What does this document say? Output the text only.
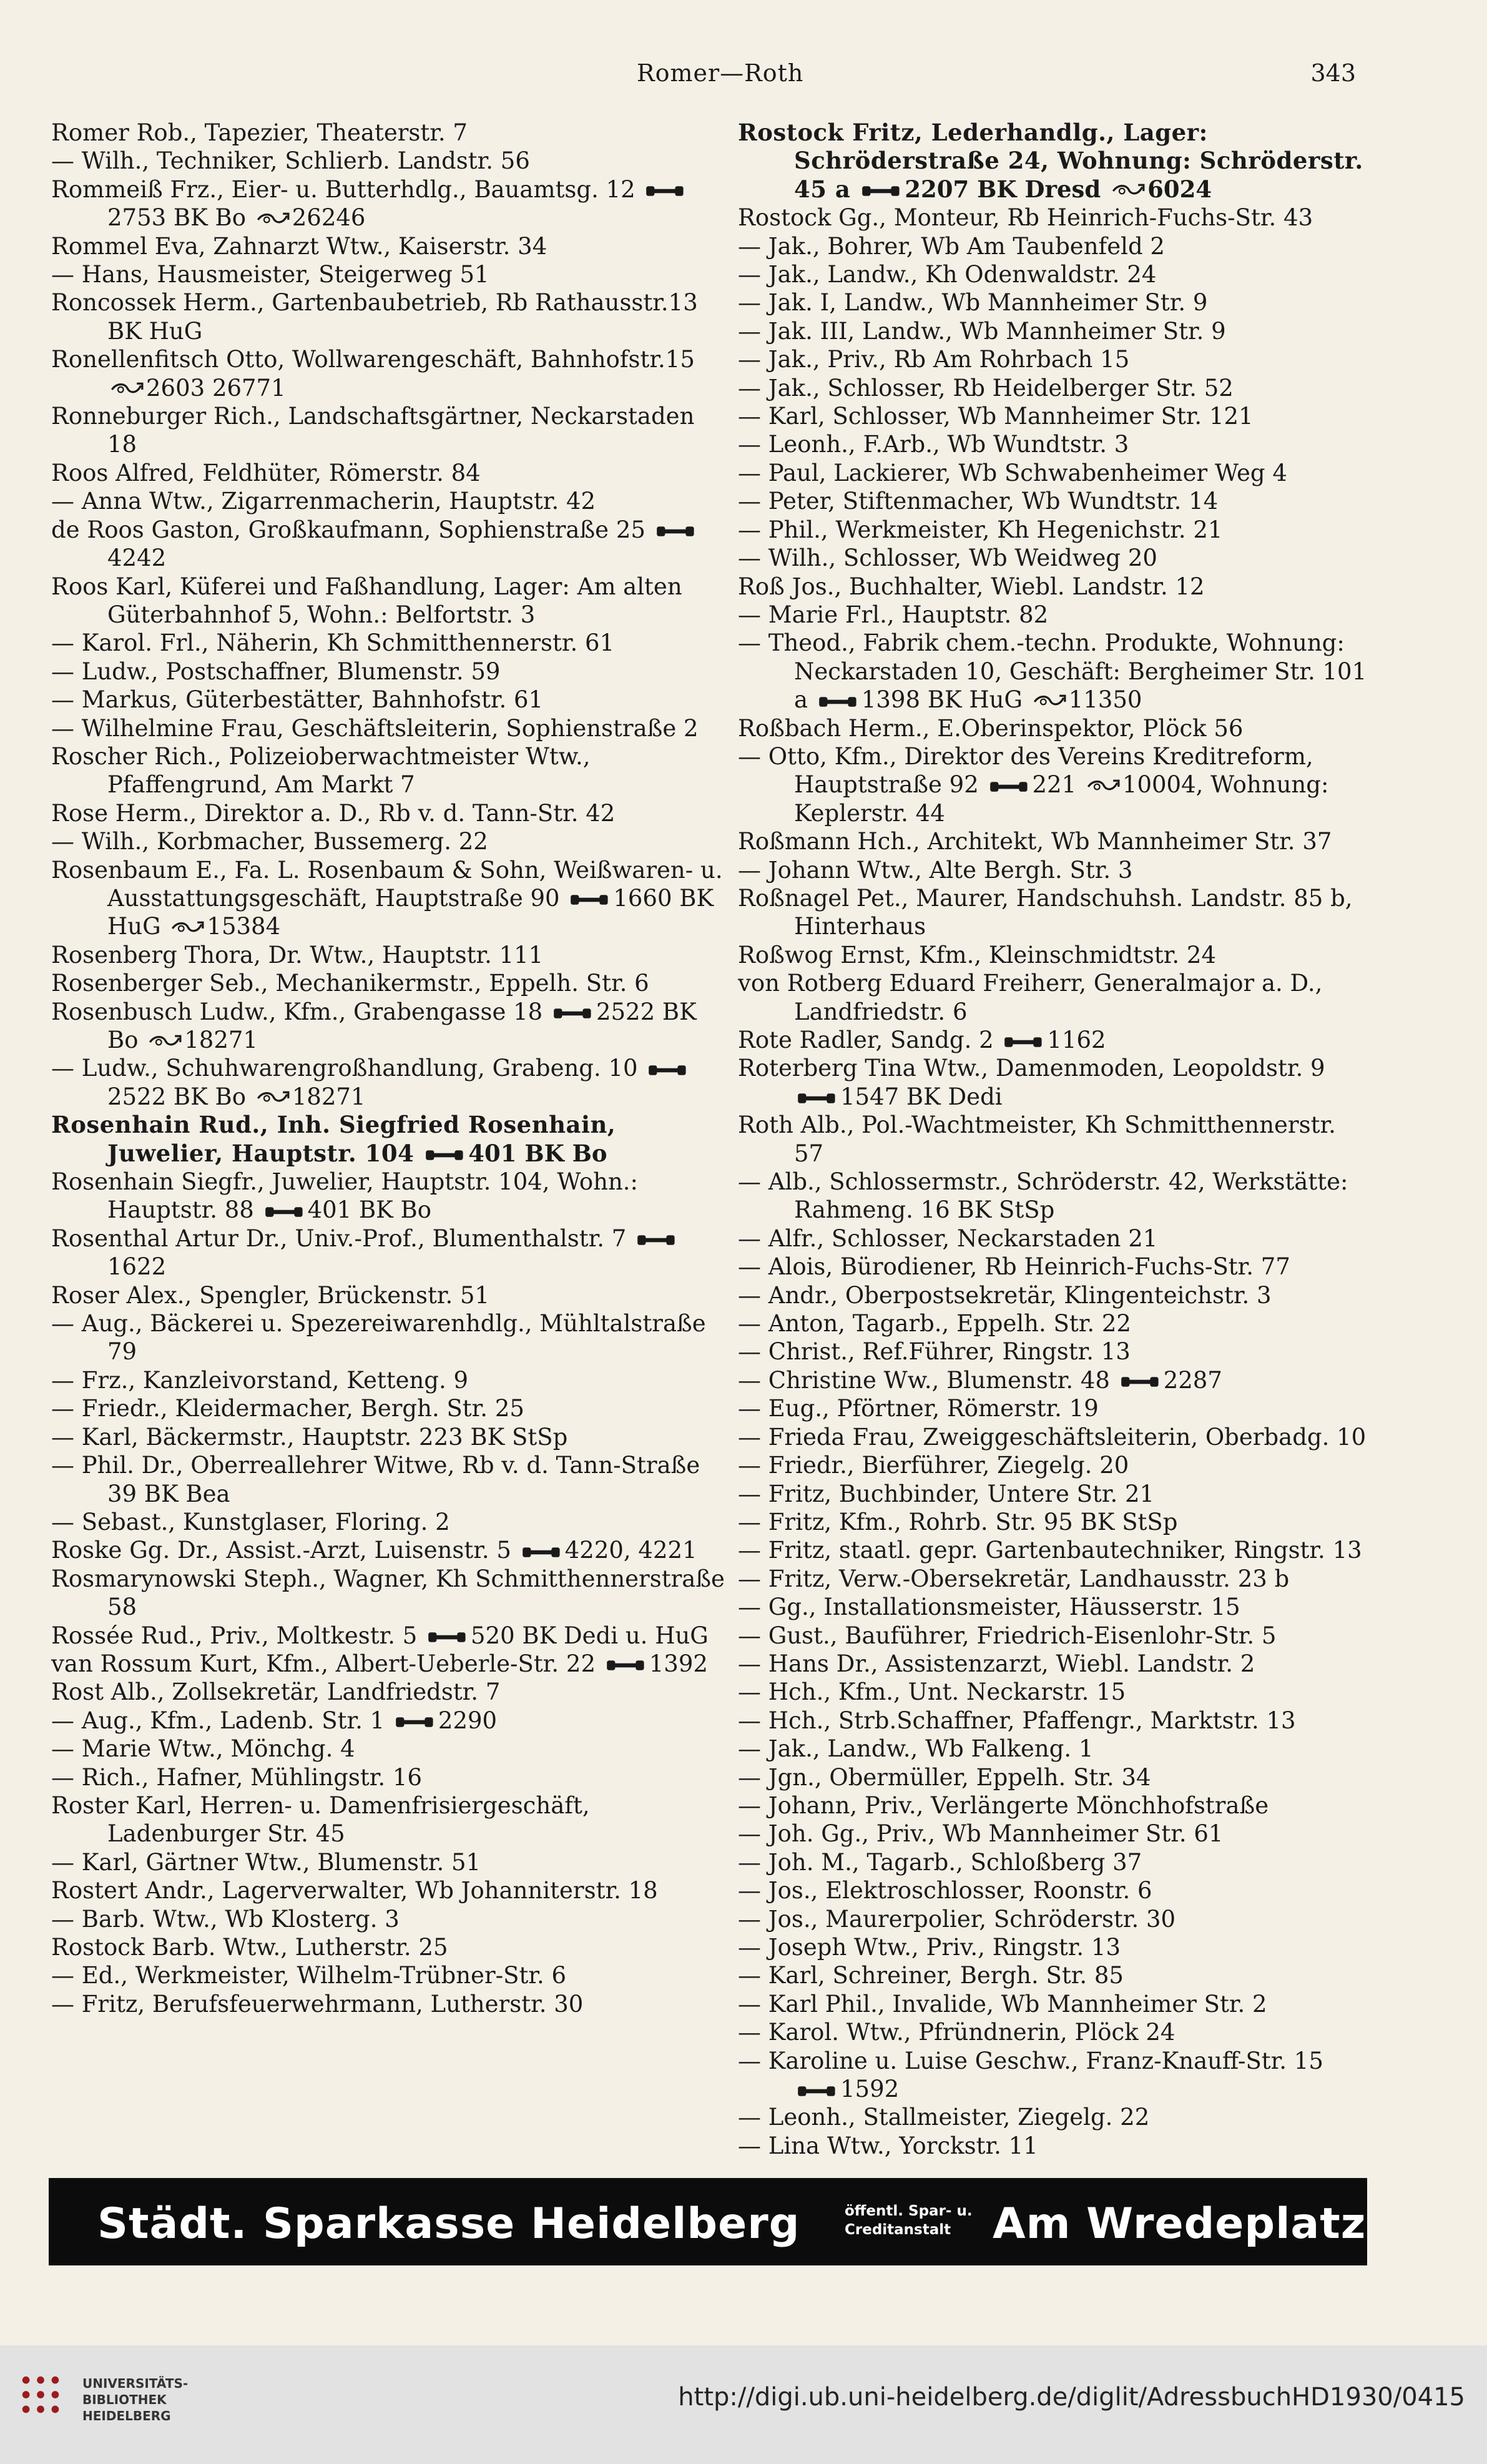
Romer—Roth	343

Romer Rob., Tapezier, Theaterstr. 7

— Wilh., Techniker, Schlierb. Landstr. 56

Rommeiß Frz., Eier- u. Butterhdlg., Bauamtsg. 12 2753 BK Bo 26246

Rommel Eva, Zahnarzt Wtw., Kaiserstr. 34

— Hans, Hausmeister, Steigerweg 51

Roncossek Herm., Gartenbaubetrieb, Rb Rathausstr.13 BK HuG

Ronellenfitsch Otto, Wollwarengeschäft, Bahnhofstr.15 2603 26771

Ronneburger Rich., Landschaftsgärtner, Neckarstaden 18

Roos Alfred, Feldhüter, Römerstr. 84

— Anna Wtw., Zigarrenmacherin, Hauptstr. 42

de Roos Gaston, Großkaufmann, Sophienstraße 25 4242

Roos Karl, Küferei und Faßhandlung, Lager: Am alten Güterbahnhof 5, Wohn.: Belfortstr. 3

— Karol. Frl., Näherin, Kh Schmitthennerstr. 61

— Ludw., Postschaffner, Blumenstr. 59

— Markus, Güterbestätter, Bahnhofstr. 61

— Wilhelmine Frau, Geschäftsleiterin, Sophienstraße 2

Roscher Rich., Polizeioberwachtmeister Wtw., Pfaffengrund, Am Markt 7

Rose Herm., Direktor a. D., Rb v. d. Tann-Str. 42

— Wilh., Korbmacher, Bussemerg. 22

Rosenbaum E., Fa. L. Rosenbaum & Sohn, Weißwaren- u. Ausstattungsgeschäft, Hauptstraße 90 1660 BK HuG 15384

Rosenberg Thora, Dr. Wtw., Hauptstr. 111

Rosenberger Seb., Mechanikermstr., Eppelh. Str. 6

Rosenbusch Ludw., Kfm., Grabengasse 18 2522 BK Bo 18271

— Ludw., Schuhwarengroßhandlung, Grabeng. 10 2522 BK Bo 18271

Rosenhain Rud., Inh. Siegfried Rosenhain, Juwelier, Hauptstr. 104 401 BK Bo

Rosenhain Siegfr., Juwelier, Hauptstr. 104, Wohn.: Hauptstr. 88 401 BK Bo

Rosenthal Artur Dr., Univ.-Prof., Blumenthalstr. 7 1622

Roser Alex., Spengler, Brückenstr. 51

— Aug., Bäckerei u. Spezereiwarenhdlg., Mühltalstraße 79

— Frz., Kanzleivorstand, Ketteng. 9

— Friedr., Kleidermacher, Bergh. Str. 25

— Karl, Bäckermstr., Hauptstr. 223 BK StSp

— Phil. Dr., Oberreallehrer Witwe, Rb v. d. Tann-Straße 39 BK Bea

— Sebast., Kunstglaser, Floring. 2

Roske Gg. Dr., Assist.-Arzt, Luisenstr. 5 4220, 4221

Rosmarynowski Steph., Wagner, Kh Schmitthennerstraße 58

Rossée Rud., Priv., Moltkestr. 5 520 BK Dedi u. HuG

van Rossum Kurt, Kfm., Albert-Ueberle-Str. 22 1392

Rost Alb., Zollsekretär, Landfriedstr. 7

— Aug., Kfm., Ladenb. Str. 1 2290

— Marie Wtw., Mönchg. 4

— Rich., Hafner, Mühlingstr. 16

Roster Karl, Herren- u. Damenfrisiergeschäft, Ladenburger Str. 45

— Karl, Gärtner Wtw., Blumenstr. 51

Rostert Andr., Lagerverwalter, Wb Johanniterstr. 18

— Barb. Wtw., Wb Klosterg. 3

Rostock Barb. Wtw., Lutherstr. 25

— Ed., Werkmeister, Wilhelm-Trübner-Str. 6

— Fritz, Berufsfeuerwehrmann, Lutherstr. 30

Rostock Fritz, Lederhandlg., Lager: Schröderstraße 24, Wohnung: Schröderstr. 45 a 2207 BK Dresd 6024

Rostock Gg., Monteur, Rb Heinrich-Fuchs-Str. 43

— Jak., Bohrer, Wb Am Taubenfeld 2

— Jak., Landw., Kh Odenwaldstr. 24

— Jak. I, Landw., Wb Mannheimer Str. 9

— Jak. III, Landw., Wb Mannheimer Str. 9

— Jak., Priv., Rb Am Rohrbach 15

— Jak., Schlosser, Rb Heidelberger Str. 52

— Karl, Schlosser, Wb Mannheimer Str. 121

— Leonh., F.Arb., Wb Wundtstr. 3

— Paul, Lackierer, Wb Schwabenheimer Weg 4

— Peter, Stiftenmacher, Wb Wundtstr. 14

— Phil., Werkmeister, Kh Hegenichstr. 21

— Wilh., Schlosser, Wb Weidweg 20

Roß Jos., Buchhalter, Wiebl. Landstr. 12

— Marie Frl., Hauptstr. 82

— Theod., Fabrik chem.-techn. Produkte, Wohnung: Neckarstaden 10, Geschäft: Bergheimer Str. 101 a 1398 BK HuG 11350

Roßbach Herm., E.Oberinspektor, Plöck 56

— Otto, Kfm., Direktor des Vereins Kreditreform, Hauptstraße 92 221 10004, Wohnung: Keplerstr. 44

Roßmann Hch., Architekt, Wb Mannheimer Str. 37

— Johann Wtw., Alte Bergh. Str. 3

Roßnagel Pet., Maurer, Handschuhsh. Landstr. 85 b, Hinterhaus

Roßwog Ernst, Kfm., Kleinschmidtstr. 24

von Rotberg Eduard Freiherr, Generalmajor a. D., Landfriedstr. 6

Rote Radler, Sandg. 2 1162

Roterberg Tina Wtw., Damenmoden, Leopoldstr. 9 1547 BK Dedi

Roth Alb., Pol.-Wachtmeister, Kh Schmitthennerstr. 57

— Alb., Schlossermstr., Schröderstr. 42, Werkstätte: Rahmeng. 16 BK StSp

— Alfr., Schlosser, Neckarstaden 21

— Alois, Bürodiener, Rb Heinrich-Fuchs-Str. 77

— Andr., Oberpostsekretär, Klingenteichstr. 3

— Anton, Tagarb., Eppelh. Str. 22

— Christ., Ref.Führer, Ringstr. 13

— Christine Ww., Blumenstr. 48 2287

— Eug., Pförtner, Römerstr. 19

— Frieda Frau, Zweiggeschäftsleiterin, Oberbadg. 10

— Friedr., Bierführer, Ziegelg. 20

— Fritz, Buchbinder, Untere Str. 21

— Fritz, Kfm., Rohrb. Str. 95 BK StSp

— Fritz, staatl. gepr. Gartenbautechniker, Ringstr. 13

— Fritz, Verw.-Obersekretär, Landhausstr. 23 b

— Gg., Installationsmeister, Häusserstr. 15

— Gust., Bauführer, Friedrich-Eisenlohr-Str. 5

— Hans Dr., Assistenzarzt, Wiebl. Landstr. 2

— Hch., Kfm., Unt. Neckarstr. 15

— Hch., Strb.Schaffner, Pfaffengr., Marktstr. 13

— Jak., Landw., Wb Falkeng. 1

— Jgn., Obermüller, Eppelh. Str. 34

— Johann, Priv., Verlängerte Mönchhofstraße

— Joh. Gg., Priv., Wb Mannheimer Str. 61

— Joh. M., Tagarb., Schloßberg 37

— Jos., Elektroschlosser, Roonstr. 6

— Jos., Maurerpolier, Schröderstr. 30

— Joseph Wtw., Priv., Ringstr. 13

— Karl, Schreiner, Bergh. Str. 85

— Karl Phil., Invalide, Wb Mannheimer Str. 2

— Karol. Wtw., Pfründnerin, Plöck 24

— Karoline u. Luise Geschw., Franz-Knauff-Str. 15 1592

— Leonh., Stallmeister, Ziegelg. 22

— Lina Wtw., Yorckstr. 11

Städt. Sparkasse Heidelberg	öffentl. Spar- u.
Creditanstalt Am Wredeplatz
UNIVERSITÄTS-
BIBLIOTHEK
HEIDELBERG
http://digi.ub.uni-heidelberg.de/diglit/AdressbuchHD1930/0415
